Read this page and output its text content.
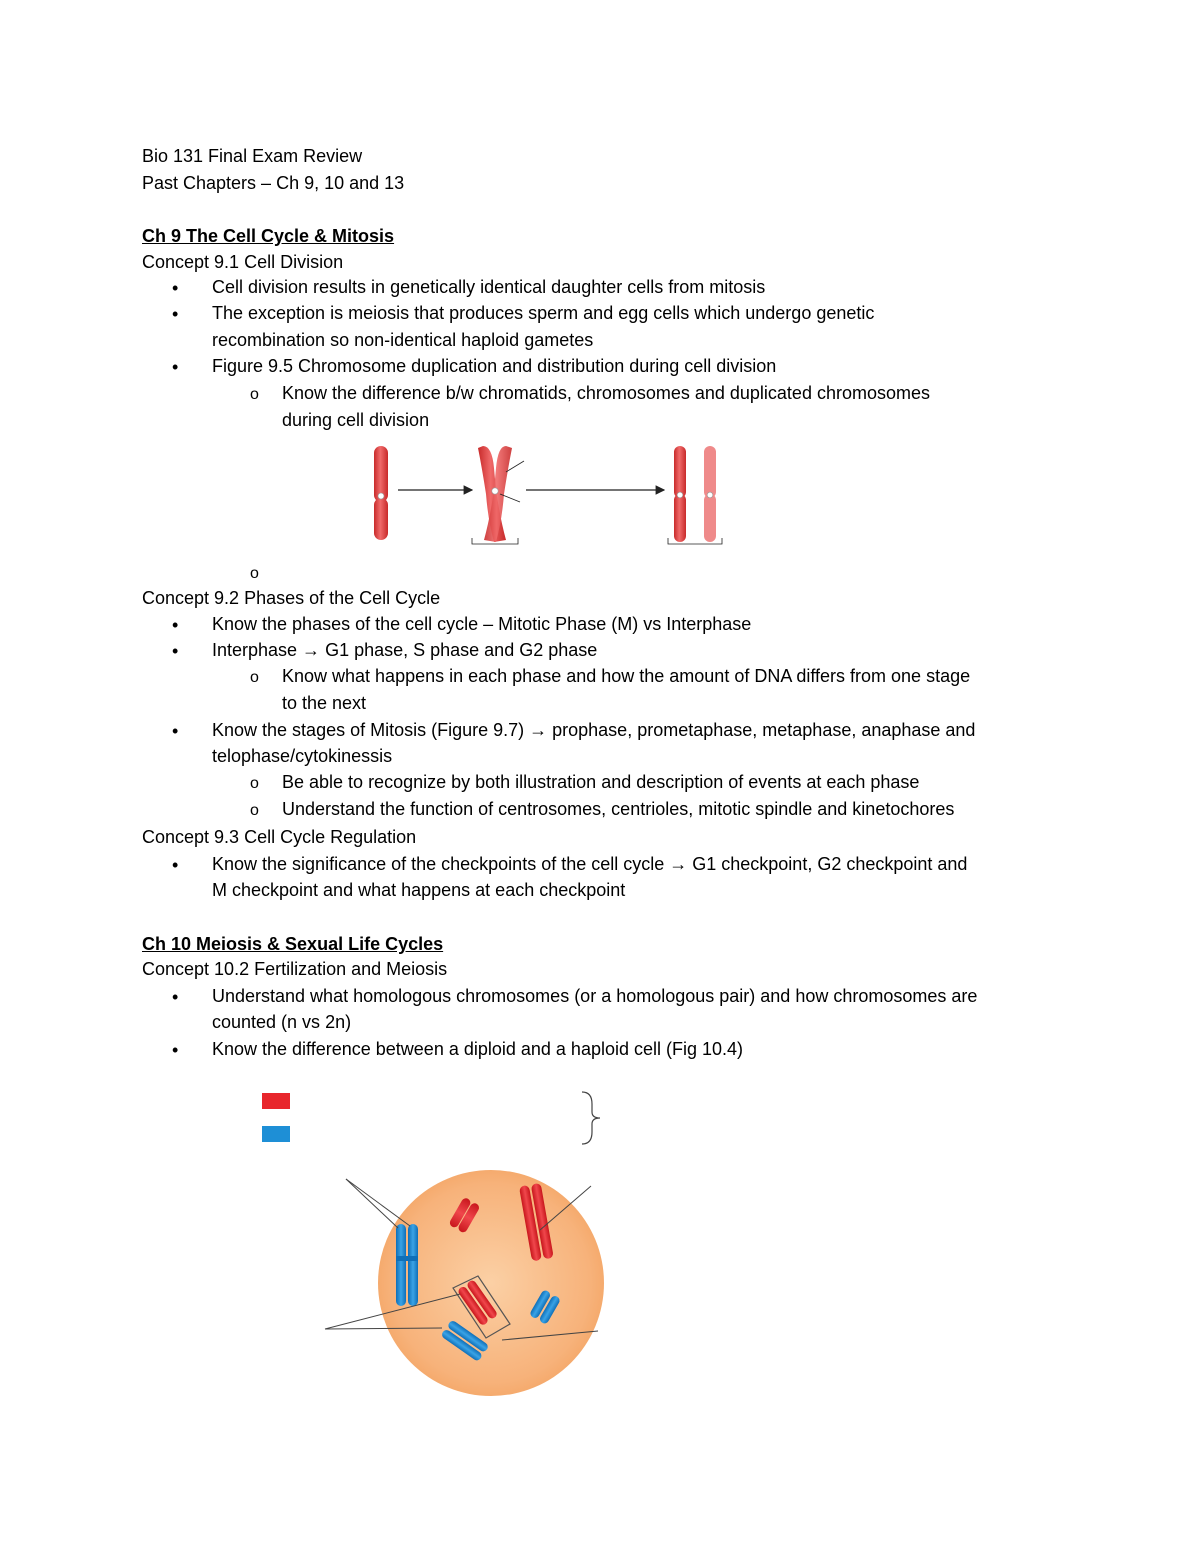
Bio 131 Final Exam Review
Past Chapters – Ch 9, 10 and 13
Ch 9 The Cell Cycle & Mitosis
Concept 9.1 Cell Division
• Cell division results in genetically identical daughter cells from mitosis
• The exception is meiosis that produces sperm and egg cells which undergo genetic
recombination so non-identical haploid gametes
• Figure 9.5 Chromosome duplication and distribution during cell division
o Know the difference b/w chromatids, chromosomes and duplicated chromosomes
during cell division
o
Concept 9.2 Phases of the Cell Cycle
• Know the phases of the cell cycle – Mitotic Phase (M) vs Interphase
• Interphase → G1 phase, S phase and G2 phase
o Know what happens in each phase and how the amount of DNA differs from one stage
to the next
• Know the stages of Mitosis (Figure 9.7) → prophase, prometaphase, metaphase, anaphase and
telophase/cytokinessis
o Be able to recognize by both illustration and description of events at each phase
o Understand the function of centrosomes, centrioles, mitotic spindle and kinetochores
Concept 9.3 Cell Cycle Regulation
• Know the significance of the checkpoints of the cell cycle → G1 checkpoint, G2 checkpoint and
M checkpoint and what happens at each checkpoint
Ch 10 Meiosis & Sexual Life Cycles
Concept 10.2 Fertilization and Meiosis
• Understand what homologous chromosomes (or a homologous pair) and how chromosomes are
counted (n vs 2n)
• Know the difference between a diploid and a haploid cell (Fig 10.4)
